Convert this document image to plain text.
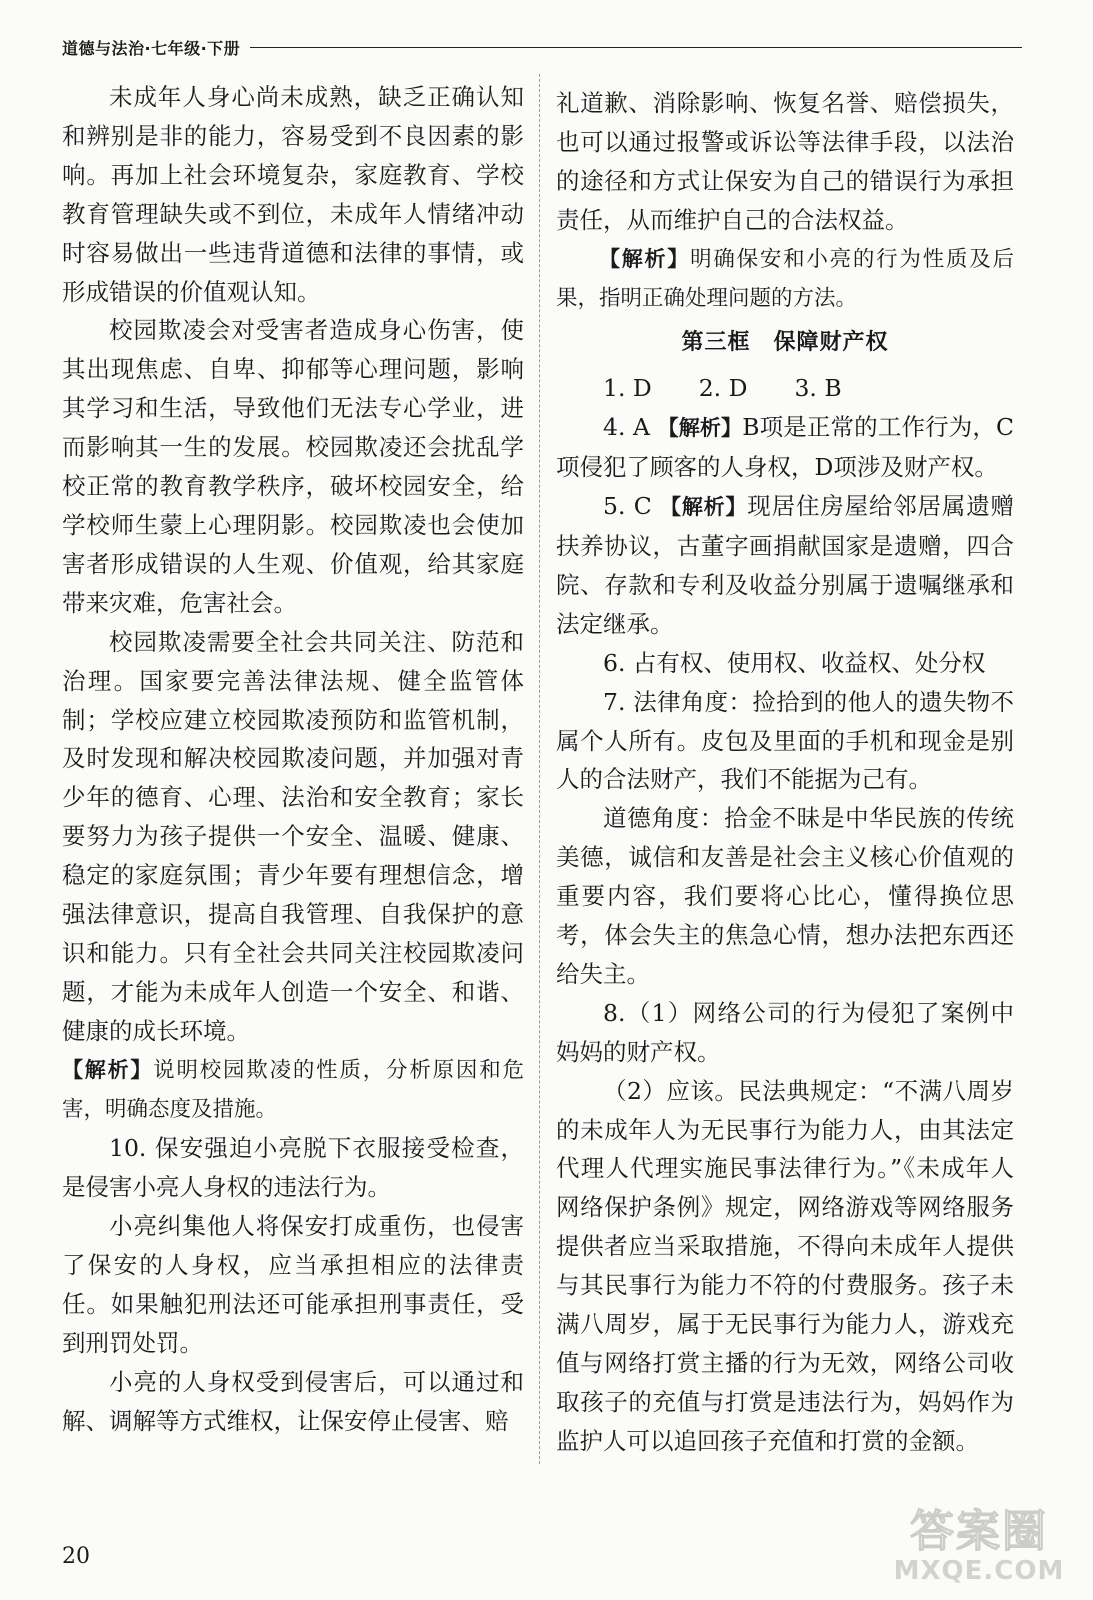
道德与法治·七年级·下册

未成年人身心尚未成熟，缺乏正确认知和辨别是非的能力，容易受到不良因素的影响。再加上社会环境复杂，家庭教育、学校教育管理缺失或不到位，未成年人情绪冲动时容易做出一些违背道德和法律的事情，或形成错误的价值观认知。

校园欺凌会对受害者造成身心伤害，使其出现焦虑、自卑、抑郁等心理问题，影响其学习和生活，导致他们无法专心学业，进而影响其一生的发展。校园欺凌还会扰乱学校正常的教育教学秩序，破坏校园安全，给学校师生蒙上心理阴影。校园欺凌也会使加害者形成错误的人生观、价值观，给其家庭带来灾难，危害社会。

校园欺凌需要全社会共同关注、防范和治理。国家要完善法律法规、健全监管体制；学校应建立校园欺凌预防和监管机制，及时发现和解决校园欺凌问题，并加强对青少年的德育、心理、法治和安全教育；家长要努力为孩子提供一个安全、温暖、健康、稳定的家庭氛围；青少年要有理想信念，增强法律意识，提高自我管理、自我保护的意识和能力。只有全社会共同关注校园欺凌问题，才能为未成年人创造一个安全、和谐、健康的成长环境。

【解析】说明校园欺凌的性质，分析原因和危害，明确态度及措施。

10. 保安强迫小亮脱下衣服接受检查，是侵害小亮人身权的违法行为。

小亮纠集他人将保安打成重伤，也侵害了保安的人身权，应当承担相应的法律责任。如果触犯刑法还可能承担刑事责任，受到刑罚处罚。

小亮的人身权受到侵害后，可以通过和解、调解等方式维权，让保安停止侵害、赔

礼道歉、消除影响、恢复名誉、赔偿损失，也可以通过报警或诉讼等法律手段，以法治的途径和方式让保安为自己的错误行为承担责任，从而维护自己的合法权益。

【解析】明确保安和小亮的行为性质及后果，指明正确处理问题的方法。

第三框　保障财产权

1. D　　2. D　　3. B

4. A 【解析】B项是正常的工作行为，C项侵犯了顾客的人身权，D项涉及财产权。

5. C 【解析】现居住房屋给邻居属遗赠扶养协议，古董字画捐献国家是遗赠，四合院、存款和专利及收益分别属于遗嘱继承和法定继承。

6. 占有权、使用权、收益权、处分权

7. 法律角度：捡拾到的他人的遗失物不属个人所有。皮包及里面的手机和现金是别人的合法财产，我们不能据为己有。

道德角度：拾金不昧是中华民族的传统美德，诚信和友善是社会主义核心价值观的重要内容，我们要将心比心，懂得换位思考，体会失主的焦急心情，想办法把东西还给失主。

8.（1）网络公司的行为侵犯了案例中妈妈的财产权。

（2）应该。民法典规定：“不满八周岁的未成年人为无民事行为能力人，由其法定代理人代理实施民事法律行为。”《未成年人网络保护条例》规定，网络游戏等网络服务提供者应当采取措施，不得向未成年人提供与其民事行为能力不符的付费服务。孩子未满八周岁，属于无民事行为能力人，游戏充值与网络打赏主播的行为无效，网络公司收取孩子的充值与打赏是违法行为，妈妈作为监护人可以追回孩子充值和打赏的金额。

20	答案圈
MXQE.COM
